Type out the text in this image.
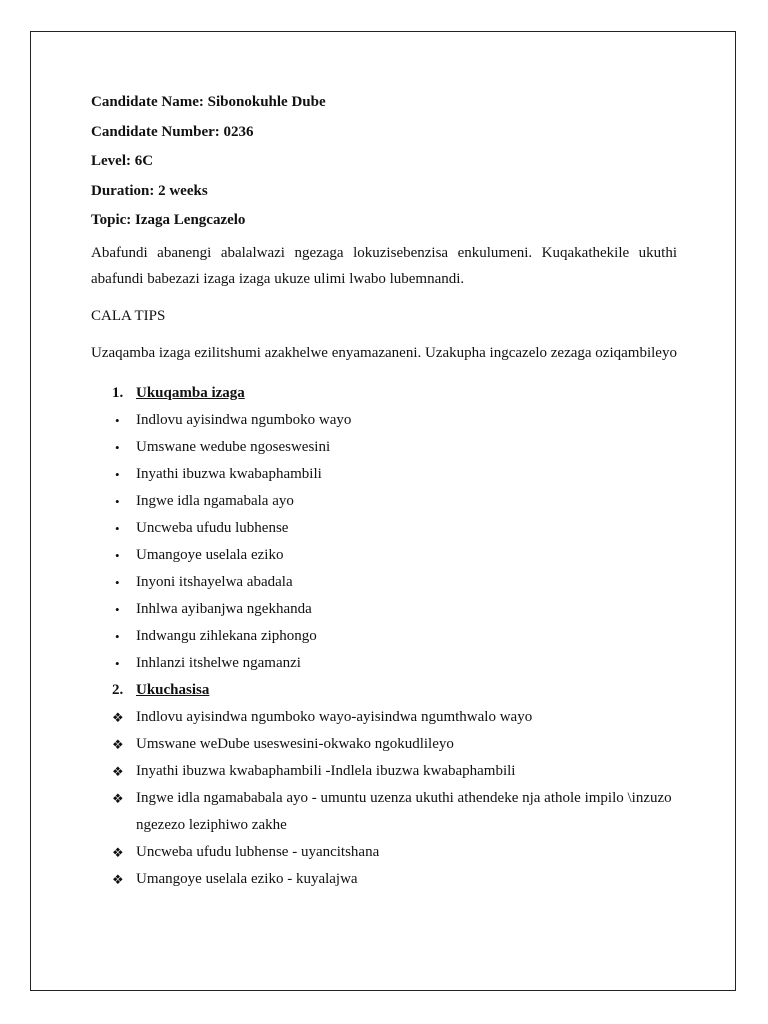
Candidate Name: Sibonokuhle Dube
Candidate Number: 0236
Level: 6C
Duration: 2 weeks
Topic: Izaga Lengcazelo

Abafundi abanengi abalalwazi ngezaga lokuzisebenzisa enkulumeni. Kuqakathekile ukuthi abafundi babezazi izaga izaga ukuze ulimi lwabo lubemnandi.

CALA TIPS

Uzaqamba izaga ezilitshumi azakhelwe enyamazaneni. Uzakupha ingcazelo zezaga oziqambileyo

1. Ukuqamba izaga
•	Indlovu ayisindwa ngumboko wayo
•	Umswane wedube ngoseswesini
•	Inyathi ibuzwa kwabaphambili
•	Ingwe idla ngamabala ayo
•	Uncweba ufudu lubhense
•	Umangoye uselala eziko
•	Inyoni itshayelwa abadala
•	Inhlwa ayibanjwa ngekhanda
•	Indwangu zihlekana ziphongo
•	Inhlanzi itshelwe ngamanzi
2. Ukuchasisa
❖ Indlovu ayisindwa ngumboko wayo-ayisindwa ngumthwalo wayo
❖ Umswane weDube useswesini-okwako ngokudlileyo
❖ Inyathi ibuzwa kwabaphambili -Indlela ibuzwa kwabaphambili
❖ Ingwe idla ngamababala ayo - umuntu uzenza ukuthi athendeke nja athole impilo \inzuzo ngezezo leziphiwo zakhe
❖ Uncweba ufudu lubhense - uyancitshana
❖ Umangoye uselala eziko - kuyalajwa
